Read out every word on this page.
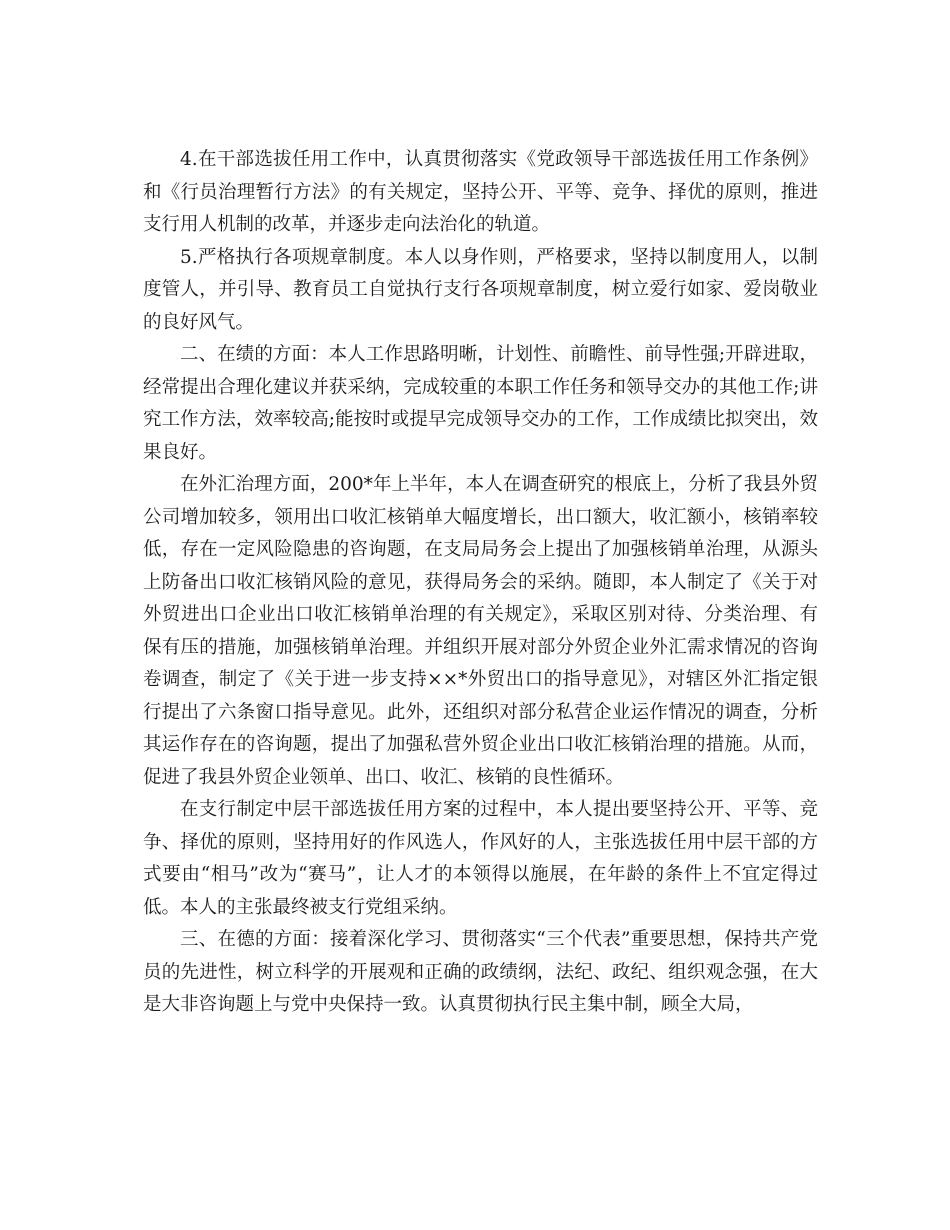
4.在干部选拔任用工作中，认真贯彻落实《党政领导干部选拔任用工作条例》和《行员治理暂行方法》的有关规定，坚持公开、平等、竞争、择优的原则，推进支行用人机制的改革，并逐步走向法治化的轨道。

5.严格执行各项规章制度。本人以身作则，严格要求，坚持以制度用人，以制度管人，并引导、教育员工自觉执行支行各项规章制度，树立爱行如家、爱岗敬业的良好风气。

二、在绩的方面：本人工作思路明晰，计划性、前瞻性、前导性强;开辟进取，经常提出合理化建议并获采纳，完成较重的本职工作任务和领导交办的其他工作;讲究工作方法，效率较高;能按时或提早完成领导交办的工作，工作成绩比拟突出，效果良好。

在外汇治理方面，200*年上半年，本人在调查研究的根底上，分析了我县外贸公司增加较多，领用出口收汇核销单大幅度增长，出口额大，收汇额小，核销率较低，存在一定风险隐患的咨询题，在支局局务会上提出了加强核销单治理，从源头上防备出口收汇核销风险的意见，获得局务会的采纳。随即，本人制定了《关于对外贸进出口企业出口收汇核销单治理的有关规定》，采取区别对待、分类治理、有保有压的措施，加强核销单治理。并组织开展对部分外贸企业外汇需求情况的咨询卷调查，制定了《关于进一步支持××*外贸出口的指导意见》，对辖区外汇指定银行提出了六条窗口指导意见。此外，还组织对部分私营企业运作情况的调查，分析其运作存在的咨询题，提出了加强私营外贸企业出口收汇核销治理的措施。从而，促进了我县外贸企业领单、出口、收汇、核销的良性循环。

在支行制定中层干部选拔任用方案的过程中，本人提出要坚持公开、平等、竞争、择优的原则，坚持用好的作风选人，作风好的人，主张选拔任用中层干部的方式要由“相马”改为“赛马”，让人才的本领得以施展，在年龄的条件上不宜定得过低。本人的主张最终被支行党组采纳。

三、在德的方面：接着深化学习、贯彻落实“三个代表”重要思想，保持共产党员的先进性，树立科学的开展观和正确的政绩纲，法纪、政纪、组织观念强，在大是大非咨询题上与党中央保持一致。认真贯彻执行民主集中制，顾全大局，
